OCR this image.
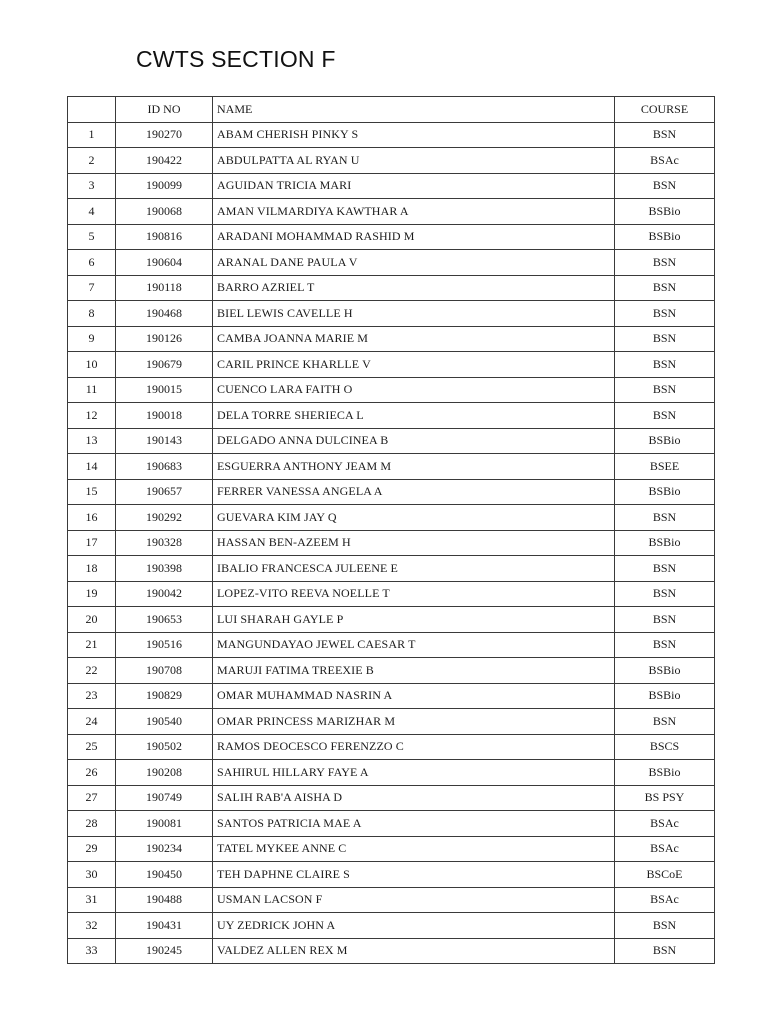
CWTS SECTION F
	ID NO	NAME	COURSE
1	190270	ABAM CHERISH PINKY S	BSN
2	190422	ABDULPATTA AL RYAN U	BSAc
3	190099	AGUIDAN TRICIA MARI	BSN
4	190068	AMAN VILMARDIYA KAWTHAR A	BSBio
5	190816	ARADANI MOHAMMAD RASHID M	BSBio
6	190604	ARANAL DANE PAULA V	BSN
7	190118	BARRO AZRIEL T	BSN
8	190468	BIEL LEWIS CAVELLE H	BSN
9	190126	CAMBA JOANNA MARIE M	BSN
10	190679	CARIL PRINCE KHARLLE V	BSN
11	190015	CUENCO LARA FAITH O	BSN
12	190018	DELA TORRE SHERIECA L	BSN
13	190143	DELGADO ANNA DULCINEA B	BSBio
14	190683	ESGUERRA ANTHONY JEAM M	BSEE
15	190657	FERRER VANESSA ANGELA A	BSBio
16	190292	GUEVARA KIM JAY Q	BSN
17	190328	HASSAN BEN-AZEEM H	BSBio
18	190398	IBALIO FRANCESCA JULEENE E	BSN
19	190042	LOPEZ-VITO REEVA NOELLE T	BSN
20	190653	LUI SHARAH GAYLE P	BSN
21	190516	MANGUNDAYAO JEWEL CAESAR T	BSN
22	190708	MARUJI FATIMA TREEXIE B	BSBio
23	190829	OMAR MUHAMMAD NASRIN A	BSBio
24	190540	OMAR PRINCESS MARIZHAR M	BSN
25	190502	RAMOS DEOCESCO FERENZZO C	BSCS
26	190208	SAHIRUL HILLARY FAYE A	BSBio
27	190749	SALIH RAB'A AISHA D	BS PSY
28	190081	SANTOS PATRICIA MAE A	BSAc
29	190234	TATEL MYKEE ANNE C	BSAc
30	190450	TEH DAPHNE CLAIRE S	BSCoE
31	190488	USMAN LACSON F	BSAc
32	190431	UY ZEDRICK JOHN A	BSN
33	190245	VALDEZ ALLEN REX M	BSN
